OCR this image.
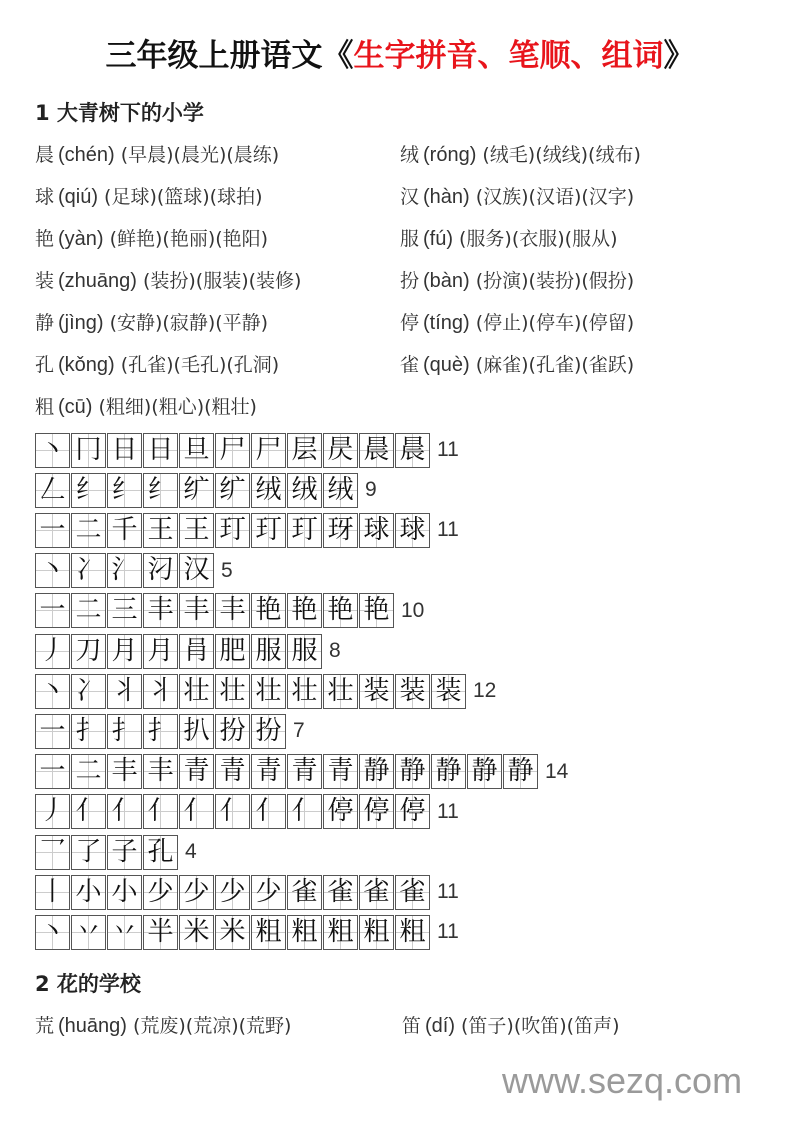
三年级上册语文《生字拼音、笔顺、组词》
1 大青树下的小学
晨 (chén) (早晨)(晨光)(晨练)	绒 (róng) (绒毛)(绒线)(绒布)
球 (qiú) (足球)(篮球)(球拍)	汉 (hàn) (汉族)(汉语)(汉字)
艳 (yàn) (鲜艳)(艳丽)(艳阳)	服 (fú) (服务)(衣服)(服从)
装 (zhuāng) (装扮)(服装)(装修)	扮 (bàn) (扮演)(装扮)(假扮)
静 (jìng) (安静)(寂静)(平静)	停 (tíng) (停止)(停车)(停留)
孔 (kǒng) (孔雀)(毛孔)(孔洞)	雀 (què) (麻雀)(孔雀)(雀跃)
粗 (cū) (粗细)(粗心)(粗壮)
丶 冂 日 日 旦 尸 尸 层 昃 晨 晨 11
𠃋 纟 纟 纟 纩 纩 绒 绒 绒 9
一 二 千 王 王 玎 玎 玎 玡 球 球 11
丶 冫 氵 汈 汉 5
一 二 三 丰 丰 丰 艳 艳 艳 艳 10
丿 刀 月 月 肙 肥 服 服 8
丶 冫 丬 丬 壮 壮 壮 壮 壮 装 装 装 12
一 扌 扌 扌 扒 扮 扮 7
一 二 丰 丰 青 青 青 青 青 静 静 静 静 静 14
丿 亻 亻 亻 亻 亻 亻 亻 停 停 停 11
乛 了 子 孔 4
丨 小 小 少 少 少 少 雀 雀 雀 雀 11
丶 丷 丷 半 米 米 粗 粗 粗 粗 粗 11
2 花的学校
荒 (huāng) (荒废)(荒凉)(荒野)	笛 (dí) (笛子)(吹笛)(笛声)
www.sezq.com
